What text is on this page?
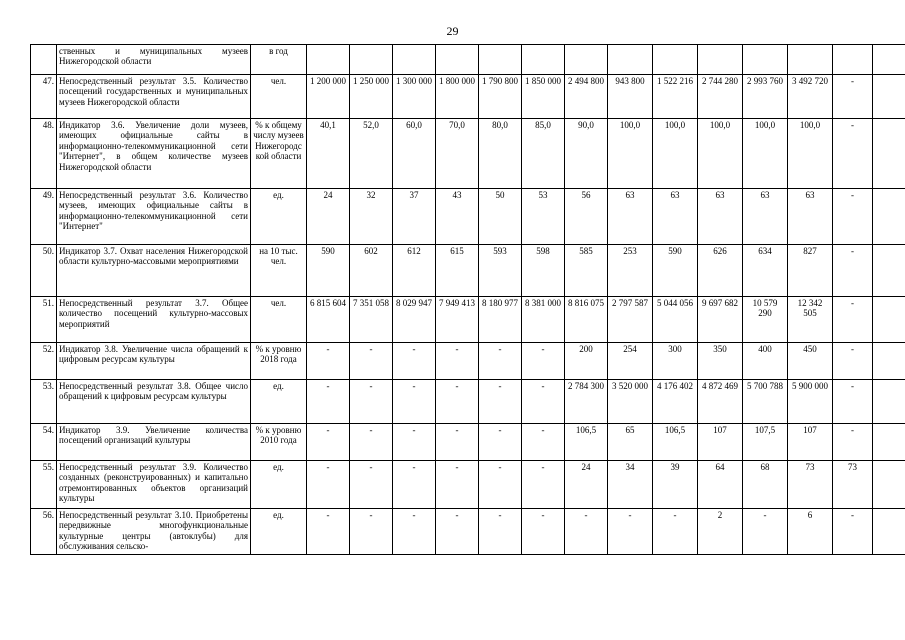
29
	ственных и муниципальных музеев Нижегородской области	в год														
47.	Непосредственный результат 3.5. Количество посещений государственных и муниципальных музеев Нижегородской области	чел.	1 200 000	1 250 000	1 300 000	1 800 000	1 790 800	1 850 000	2 494 800	943 800	1 522 216	2 744 280	2 993 760	3 492 720	-	
48.	Индикатор 3.6. Увеличение доли музеев, имеющих официальные сайты в информационно-телекоммуникационной сети "Интернет", в общем количестве музеев Нижегородской области	% к общему числу музеев Нижегородской области	40,1	52,0	60,0	70,0	80,0	85,0	90,0	100,0	100,0	100,0	100,0	100,0	-	
49.	Непосредственный результат 3.6. Количество музеев, имеющих официальные сайты в информационно-телекоммуникационной сети "Интернет"	ед.	24	32	37	43	50	53	56	63	63	63	63	63	-	
50.	Индикатор 3.7. Охват населения Нижегородской области культурно-массовыми мероприятиями	на 10 тыс. чел.	590	602	612	615	593	598	585	253	590	626	634	827	-	
51.	Непосредственный результат 3.7. Общее количество посещений культурно-массовых мероприятий	чел.	6 815 604	7 351 058	8 029 947	7 949 413	8 180 977	8 381 000	8 816 075	2 797 587	5 044 056	9 697 682	10 579 290	12 342 505	-	
52.	Индикатор 3.8. Увеличение числа обращений к цифровым ресурсам культуры	% к уровню 2018 года	-	-	-	-	-	-	200	254	300	350	400	450	-	
53.	Непосредственный результат 3.8. Общее число обращений к цифровым ресурсам культуры	ед.	-	-	-	-	-	-	2 784 300	3 520 000	4 176 402	4 872 469	5 700 788	5 900 000	-	
54.	Индикатор 3.9. Увеличение количества посещений организаций культуры	% к уровню 2010 года	-	-	-	-	-	-	106,5	65	106,5	107	107,5	107	-	
55.	Непосредственный результат 3.9. Количество созданных (реконструированных) и капитально отремонтированных объектов организаций культуры	ед.	-	-	-	-	-	-	24	34	39	64	68	73	73	
56.	Непосредственный результат 3.10. Приобретены передвижные многофункциональные культурные центры (автоклубы) для обслуживания сельско-	ед.	-	-	-	-	-	-	-	-	-	2	-	6	-	
